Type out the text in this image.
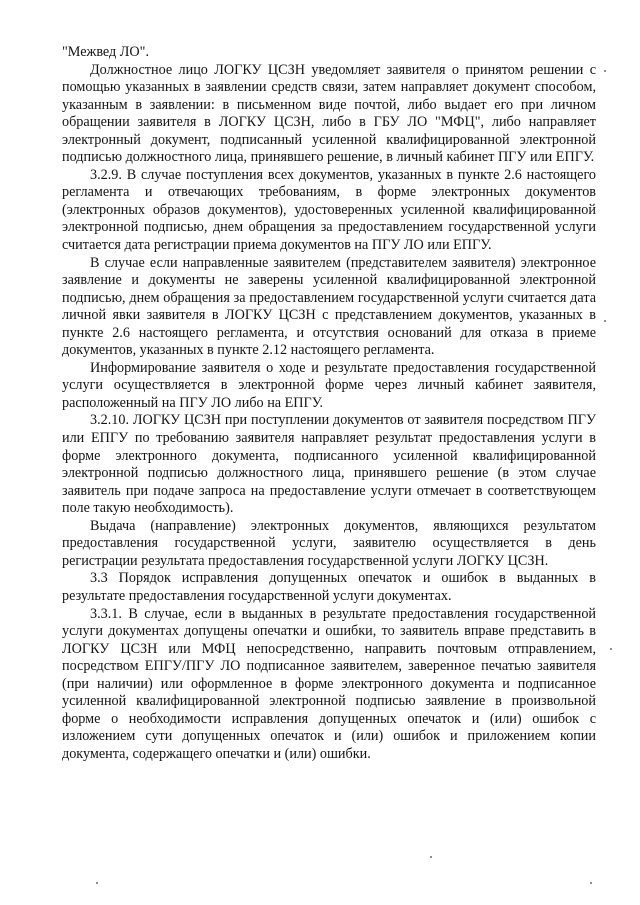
"Межвед ЛО".

Должностное лицо ЛОГКУ ЦСЗН уведомляет заявителя о принятом решении с помощью указанных в заявлении средств связи, затем направляет документ способом, указанным в заявлении: в письменном виде почтой, либо выдает его при личном обращении заявителя в ЛОГКУ ЦСЗН, либо в ГБУ ЛО "МФЦ", либо направляет электронный документ, подписанный усиленной квалифицированной электронной подписью должностного лица, принявшего решение, в личный кабинет ПГУ или ЕПГУ.

3.2.9. В случае поступления всех документов, указанных в пункте 2.6 настоящего регламента и отвечающих требованиям, в форме электронных документов (электронных образов документов), удостоверенных усиленной квалифицированной электронной подписью, днем обращения за предоставлением государственной услуги считается дата регистрации приема документов на ПГУ ЛО или ЕПГУ.

В случае если направленные заявителем (представителем заявителя) электронное заявление и документы не заверены усиленной квалифицированной электронной подписью, днем обращения за предоставлением государственной услуги считается дата личной явки заявителя в ЛОГКУ ЦСЗН с представлением документов, указанных в пункте 2.6 настоящего регламента, и отсутствия оснований для отказа в приеме документов, указанных в пункте 2.12 настоящего регламента.

Информирование заявителя о ходе и результате предоставления государственной услуги осуществляется в электронной форме через личный кабинет заявителя, расположенный на ПГУ ЛО либо на ЕПГУ.

3.2.10. ЛОГКУ ЦСЗН при поступлении документов от заявителя посредством ПГУ или ЕПГУ по требованию заявителя направляет результат предоставления услуги в форме электронного документа, подписанного усиленной квалифицированной электронной подписью должностного лица, принявшего решение (в этом случае заявитель при подаче запроса на предоставление услуги отмечает в соответствующем поле такую необходимость).

Выдача (направление) электронных документов, являющихся результатом предоставления государственной услуги, заявителю осуществляется в день регистрации результата предоставления государственной услуги ЛОГКУ ЦСЗН.

3.3 Порядок исправления допущенных опечаток и ошибок в выданных в результате предоставления государственной услуги документах.

3.3.1. В случае, если в выданных в результате предоставления государственной услуги документах допущены опечатки и ошибки, то заявитель вправе представить в ЛОГКУ ЦСЗН или МФЦ непосредственно, направить почтовым отправлением, посредством ЕПГУ/ПГУ ЛО подписанное заявителем, заверенное печатью заявителя (при наличии) или оформленное в форме электронного документа и подписанное усиленной квалифицированной электронной подписью заявление в произвольной форме о необходимости исправления допущенных опечаток и (или) ошибок с изложением сути допущенных опечаток и (или) ошибок и приложением копии документа, содержащего опечатки и (или) ошибки.
